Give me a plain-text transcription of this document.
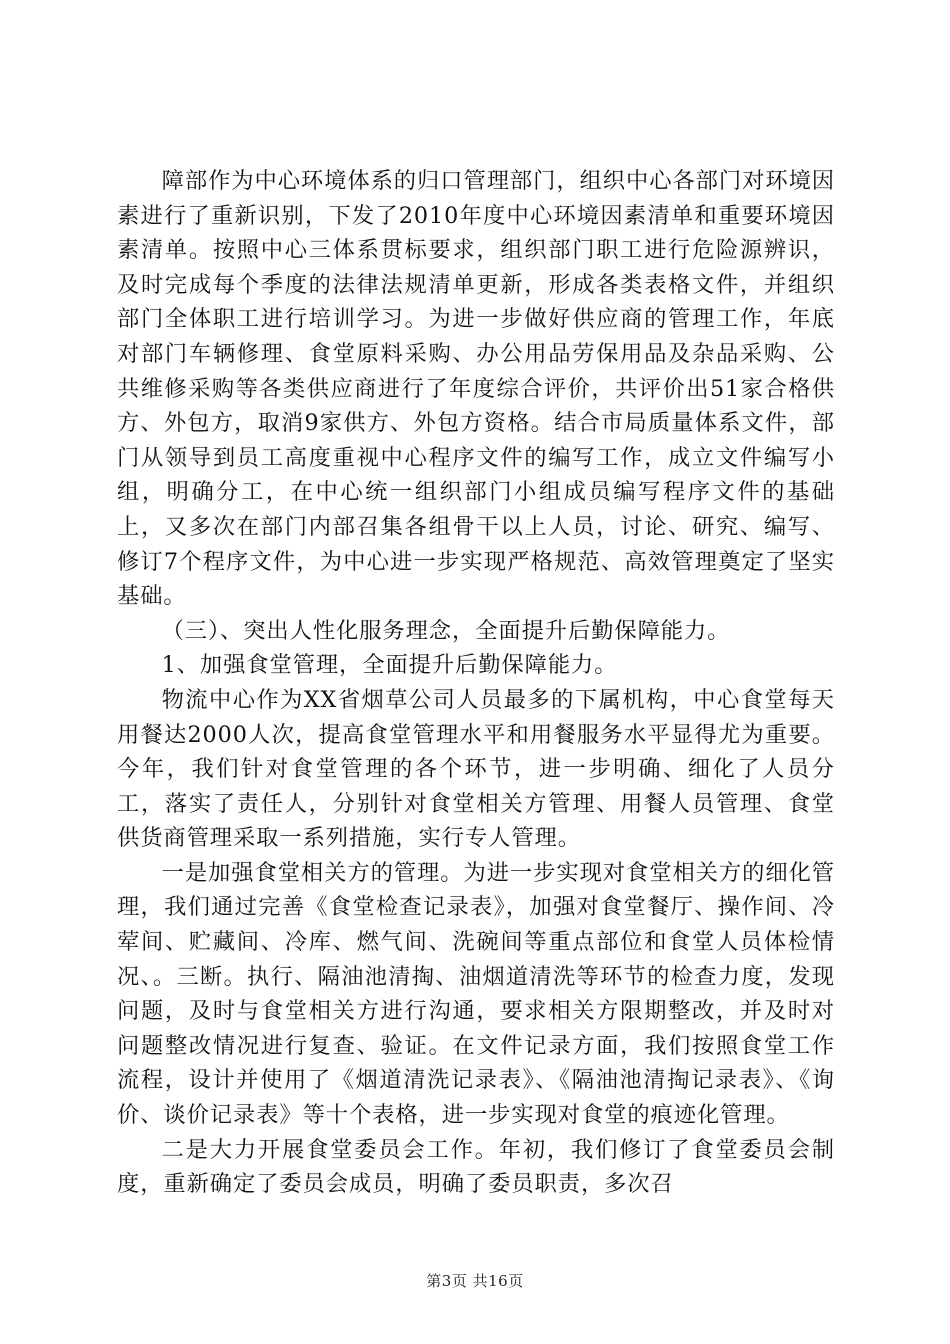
障部作为中心环境体系的归口管理部门，组织中心各部门对环境因素进行了重新识别，下发了2010年度中心环境因素清单和重要环境因素清单。按照中心三体系贯标要求，组织部门职工进行危险源辨识，及时完成每个季度的法律法规清单更新，形成各类表格文件，并组织部门全体职工进行培训学习。为进一步做好供应商的管理工作，年底对部门车辆修理、食堂原料采购、办公用品劳保用品及杂品采购、公共维修采购等各类供应商进行了年度综合评价，共评价出51家合格供方、外包方，取消9家供方、外包方资格。结合市局质量体系文件，部门从领导到员工高度重视中心程序文件的编写工作，成立文件编写小组，明确分工，在中心统一组织部门小组成员编写程序文件的基础上，又多次在部门内部召集各组骨干以上人员，讨论、研究、编写、修订7个程序文件，为中心进一步实现严格规范、高效管理奠定了坚实基础。

（三）、突出人性化服务理念，全面提升后勤保障能力。

1、加强食堂管理，全面提升后勤保障能力。

物流中心作为XX省烟草公司人员最多的下属机构，中心食堂每天用餐达2000人次，提高食堂管理水平和用餐服务水平显得尤为重要。今年，我们针对食堂管理的各个环节，进一步明确、细化了人员分工，落实了责任人，分别针对食堂相关方管理、用餐人员管理、食堂供货商管理采取一系列措施，实行专人管理。

一是加强食堂相关方的管理。为进一步实现对食堂相关方的细化管理，我们通过完善《食堂检查记录表》，加强对食堂餐厅、操作间、冷荤间、贮藏间、冷库、燃气间、洗碗间等重点部位和食堂人员体检情况、。三断。执行、隔油池清掏、油烟道清洗等环节的检查力度，发现问题，及时与食堂相关方进行沟通，要求相关方限期整改，并及时对问题整改情况进行复查、验证。在文件记录方面，我们按照食堂工作流程，设计并使用了《烟道清洗记录表》、《隔油池清掏记录表》、《询价、谈价记录表》等十个表格，进一步实现对食堂的痕迹化管理。

二是大力开展食堂委员会工作。年初，我们修订了食堂委员会制度，重新确定了委员会成员，明确了委员职责，多次召

第3页 共16页
